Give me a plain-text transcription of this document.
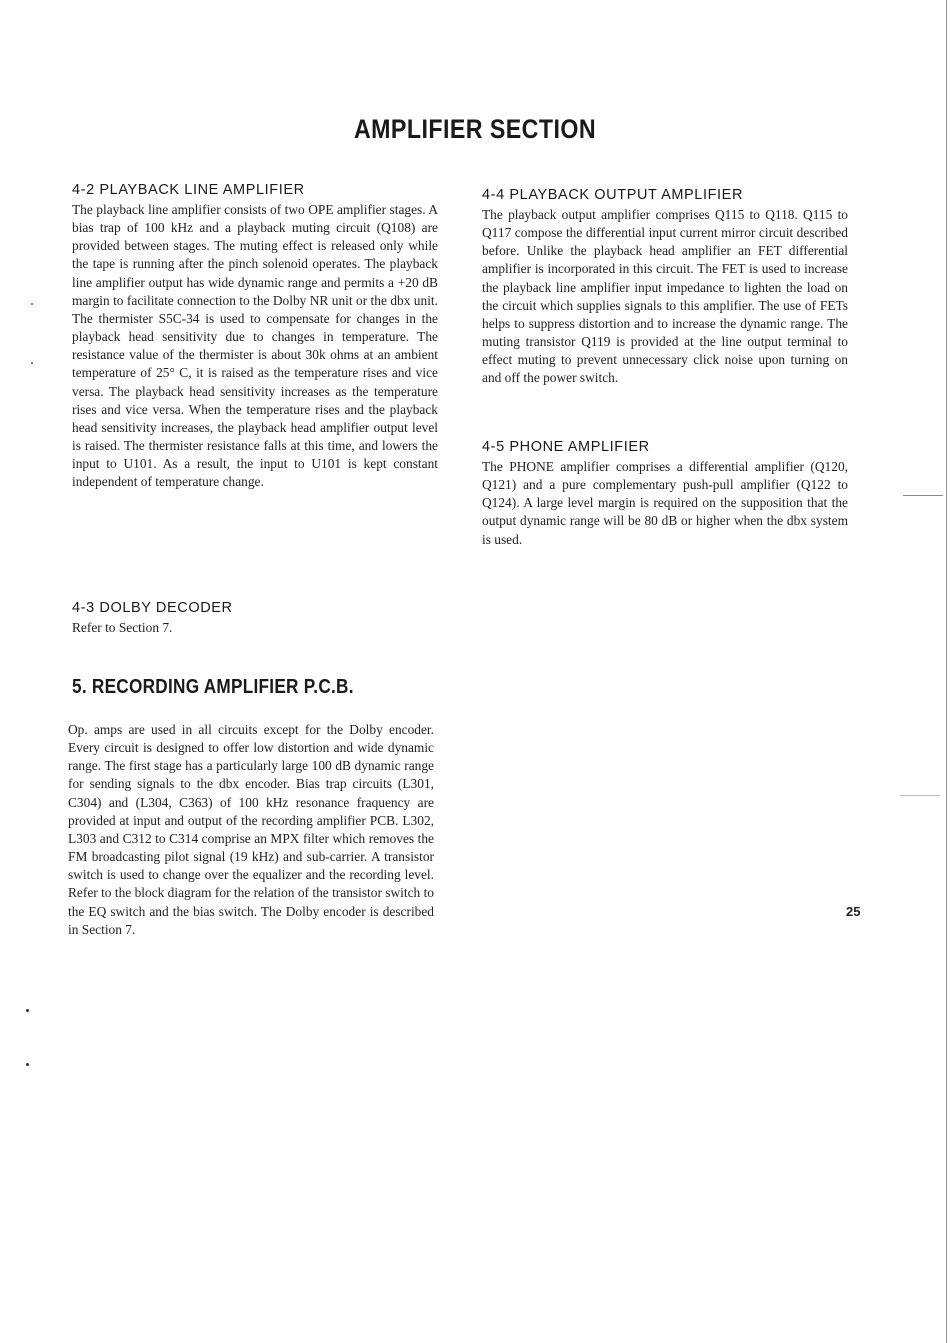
AMPLIFIER SECTION
4-2 PLAYBACK LINE AMPLIFIER

The playback line amplifier consists of two OPE amplifier stages. A bias trap of 100 kHz and a playback muting circuit (Q108) are provided between stages. The muting effect is released only while the tape is running after the pinch solenoid operates. The playback line amplifier output has wide dynamic range and permits a +20 dB margin to facilitate connection to the Dolby NR unit or the dbx unit. The thermister S5C-34 is used to compensate for changes in the playback head sensitivity due to changes in temperature. The resistance value of the thermister is about 30k ohms at an ambient temperature of 25° C, it is raised as the temperature rises and vice versa. The playback head sensitivity increases as the temperature rises and vice versa. When the temperature rises and the playback head sensitivity increases, the playback head amplifier output level is raised. The thermister resistance falls at this time, and lowers the input to U101. As a result, the input to U101 is kept constant independent of temperature change.

4-3 DOLBY DECODER

Refer to Section 7.

4-4 PLAYBACK OUTPUT AMPLIFIER

The playback output amplifier comprises Q115 to Q118. Q115 to Q117 compose the differential input current mirror circuit described before. Unlike the playback head amplifier an FET differential amplifier is incorporated in this circuit. The FET is used to increase the playback line amplifier input impedance to lighten the load on the circuit which supplies signals to this amplifier. The use of FETs helps to suppress distortion and to increase the dynamic range. The muting transistor Q119 is provided at the line output terminal to effect muting to prevent unnecessary click noise upon turning on and off the power switch.

4-5 PHONE AMPLIFIER

The PHONE amplifier comprises a differential amplifier (Q120, Q121) and a pure complementary push-pull amplifier (Q122 to Q124). A large level margin is required on the supposition that the output dynamic range will be 80 dB or higher when the dbx system is used.

5. RECORDING AMPLIFIER P.C.B.

Op. amps are used in all circuits except for the Dolby encoder. Every circuit is designed to offer low distortion and wide dynamic range. The first stage has a particularly large 100 dB dynamic range for sending signals to the dbx encoder. Bias trap circuits (L301, C304) and (L304, C363) of 100 kHz resonance fraquency are provided at input and output of the recording amplifier PCB. L302, L303 and C312 to C314 comprise an MPX filter which removes the FM broadcasting pilot signal (19 kHz) and sub-carrier. A transistor switch is used to change over the equalizer and the recording level. Refer to the block diagram for the relation of the transistor switch to the EQ switch and the bias switch. The Dolby encoder is described in Section 7.

25
